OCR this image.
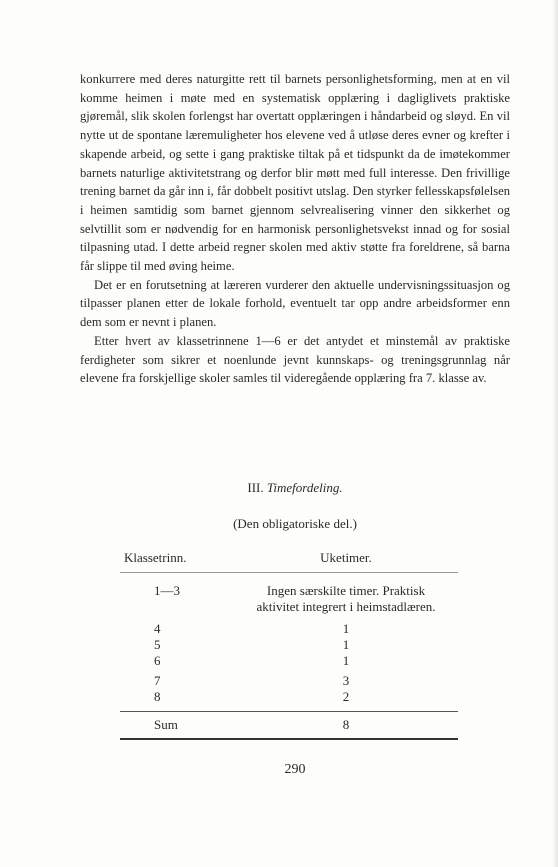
konkurrere med deres naturgitte rett til barnets personlighetsforming, men at en vil komme heimen i møte med en systematisk opplæring i dagliglivets praktiske gjøremål, slik skolen forlengst har overtatt opplæringen i håndarbeid og sløyd. En vil nytte ut de spontane læremuligheter hos elevene ved å utløse deres evner og krefter i skapende arbeid, og sette i gang praktiske tiltak på et tidspunkt da de imøtekommer barnets naturlige aktivitetstrang og derfor blir møtt med full interesse. Den frivillige trening barnet da går inn i, får dobbelt positivt utslag. Den styrker fellesskapsfølelsen i heimen samtidig som barnet gjennom selvrealisering vinner den sikkerhet og selvtillit som er nødvendig for en harmonisk personlighetsvekst innad og for sosial tilpasning utad. I dette arbeid regner skolen med aktiv støtte fra foreldrene, så barna får slippe til med øving heime.

Det er en forutsetning at læreren vurderer den aktuelle undervisningssituasjon og tilpasser planen etter de lokale forhold, eventuelt tar opp andre arbeidsformer enn dem som er nevnt i planen.

Etter hvert av klassetrinnene 1—6 er det antydet et minstemål av praktiske ferdigheter som sikrer et noenlunde jevnt kunnskaps- og treningsgrunnlag når elevene fra forskjellige skoler samles til videregående opplæring fra 7. klasse av.

III. Timefordeling.
(Den obligatoriske del.)
Klassetrinn.	Uketimer.
1—3	Ingen særskilte timer. Praktisk
	aktivitet integrert i heimstadlæren.
4	1
5	1
6	1
7	3
8	2
Sum	8
290
